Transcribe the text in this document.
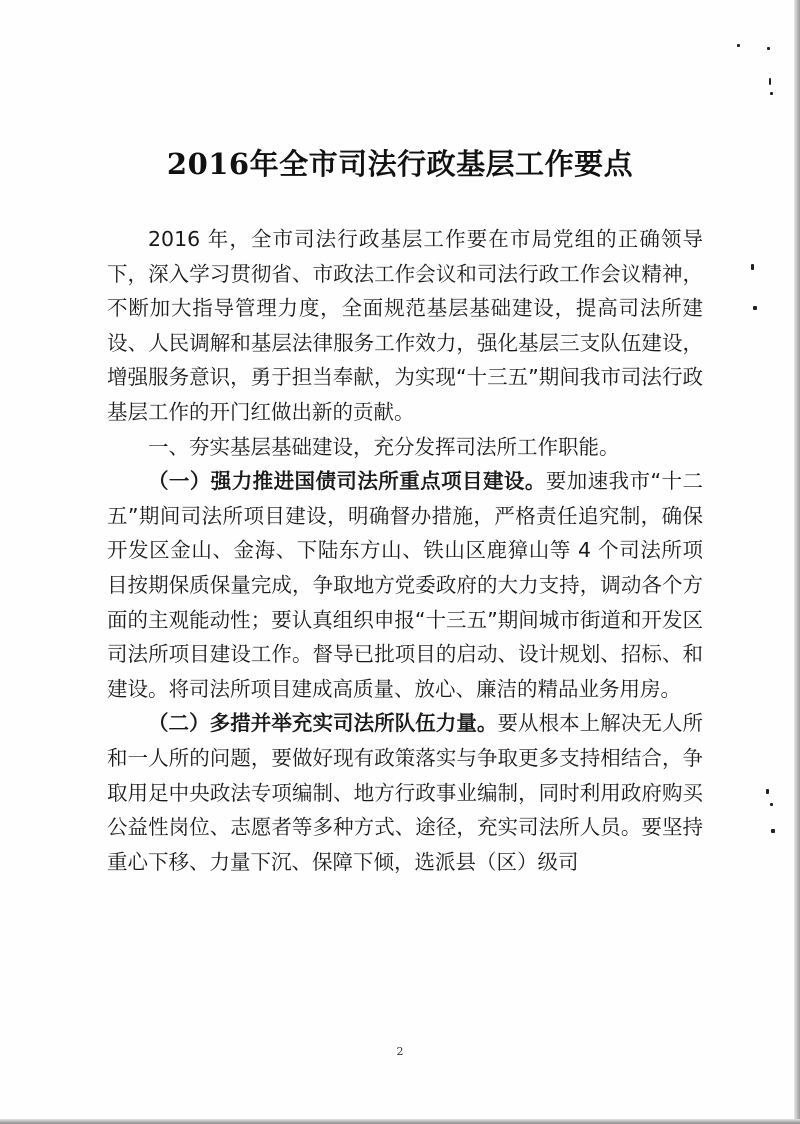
2016年全市司法行政基层工作要点

2016 年，全市司法行政基层工作要在市局党组的正确领导下，深入学习贯彻省、市政法工作会议和司法行政工作会议精神，不断加大指导管理力度，全面规范基层基础建设，提高司法所建设、人民调解和基层法律服务工作效力，强化基层三支队伍建设，增强服务意识，勇于担当奉献，为实现“十三五”期间我市司法行政基层工作的开门红做出新的贡献。

一、夯实基层基础建设，充分发挥司法所工作职能。

（一）强力推进国债司法所重点项目建设。要加速我市“十二五”期间司法所项目建设，明确督办措施，严格责任追究制，确保开发区金山、金海、下陆东方山、铁山区鹿獐山等 4 个司法所项目按期保质保量完成，争取地方党委政府的大力支持，调动各个方面的主观能动性；要认真组织申报“十三五”期间城市街道和开发区司法所项目建设工作。督导已批项目的启动、设计规划、招标、和建设。将司法所项目建成高质量、放心、廉洁的精品业务用房。

（二）多措并举充实司法所队伍力量。要从根本上解决无人所和一人所的问题，要做好现有政策落实与争取更多支持相结合，争取用足中央政法专项编制、地方行政事业编制，同时利用政府购买公益性岗位、志愿者等多种方式、途径，充实司法所人员。要坚持重心下移、力量下沉、保障下倾，选派县（区）级司

2
